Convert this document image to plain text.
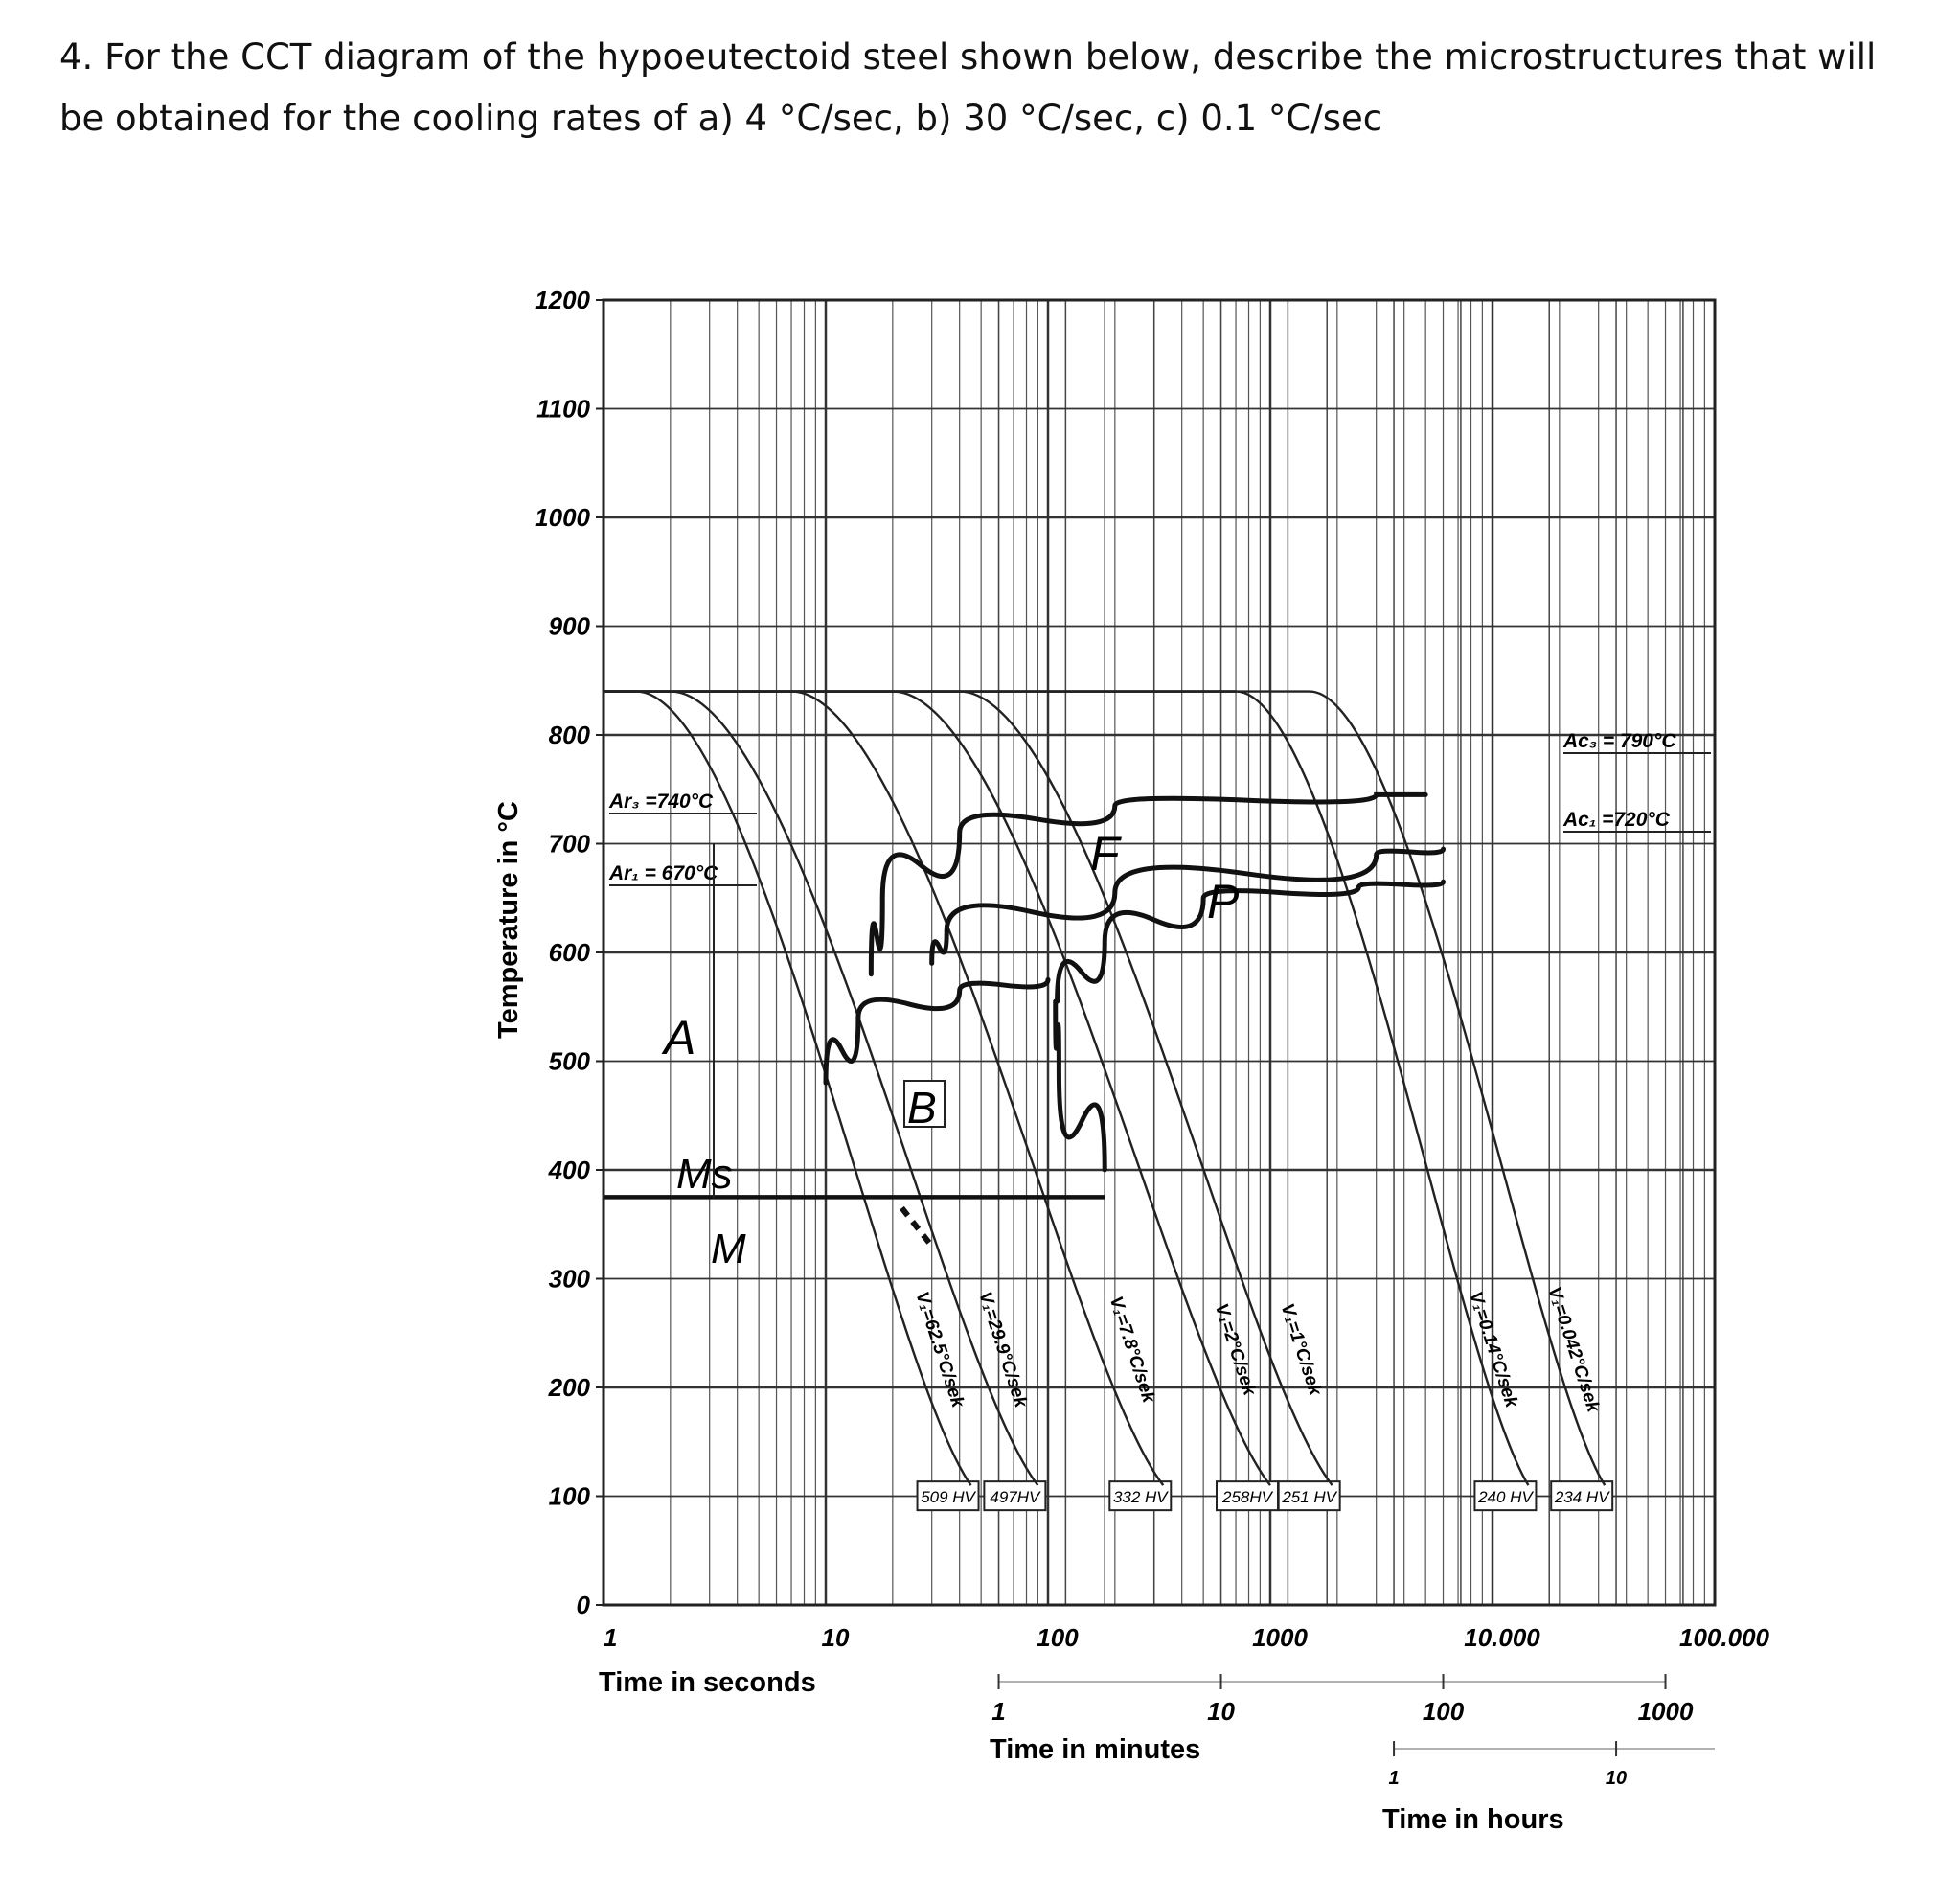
4. For the CCT diagram of the hypoeutectoid steel shown below, describe the microstructures that will be obtained for the cooling rates of a) 4 °C/sec, b) 30 °C/sec, c) 0.1 °C/sec

0
100
200
300
400
500
600
700
800
900
1000
1100
1200
1	10	100	1000	10.000	100.000
1	10	100	1000
1	10
509 HV 497HV	332 HV	258HV 251 HV	240 HV 234 HV
V₁=62.5°C/sek V₁=29.9°C/sek	V₁=7.8°C/sek	V₁=2°C/sek V₁=1°C/sek	V₁=0.14°C/sek V₁=0.042°C/sek
Temperature in °C
Time in seconds
Time in minutes
Time in hours
Ar₃ =740°C
Ar₁ = 670°C
Ac₃ = 790°C
Ac₁ =720°C
A
Ms
M
B
F
P
